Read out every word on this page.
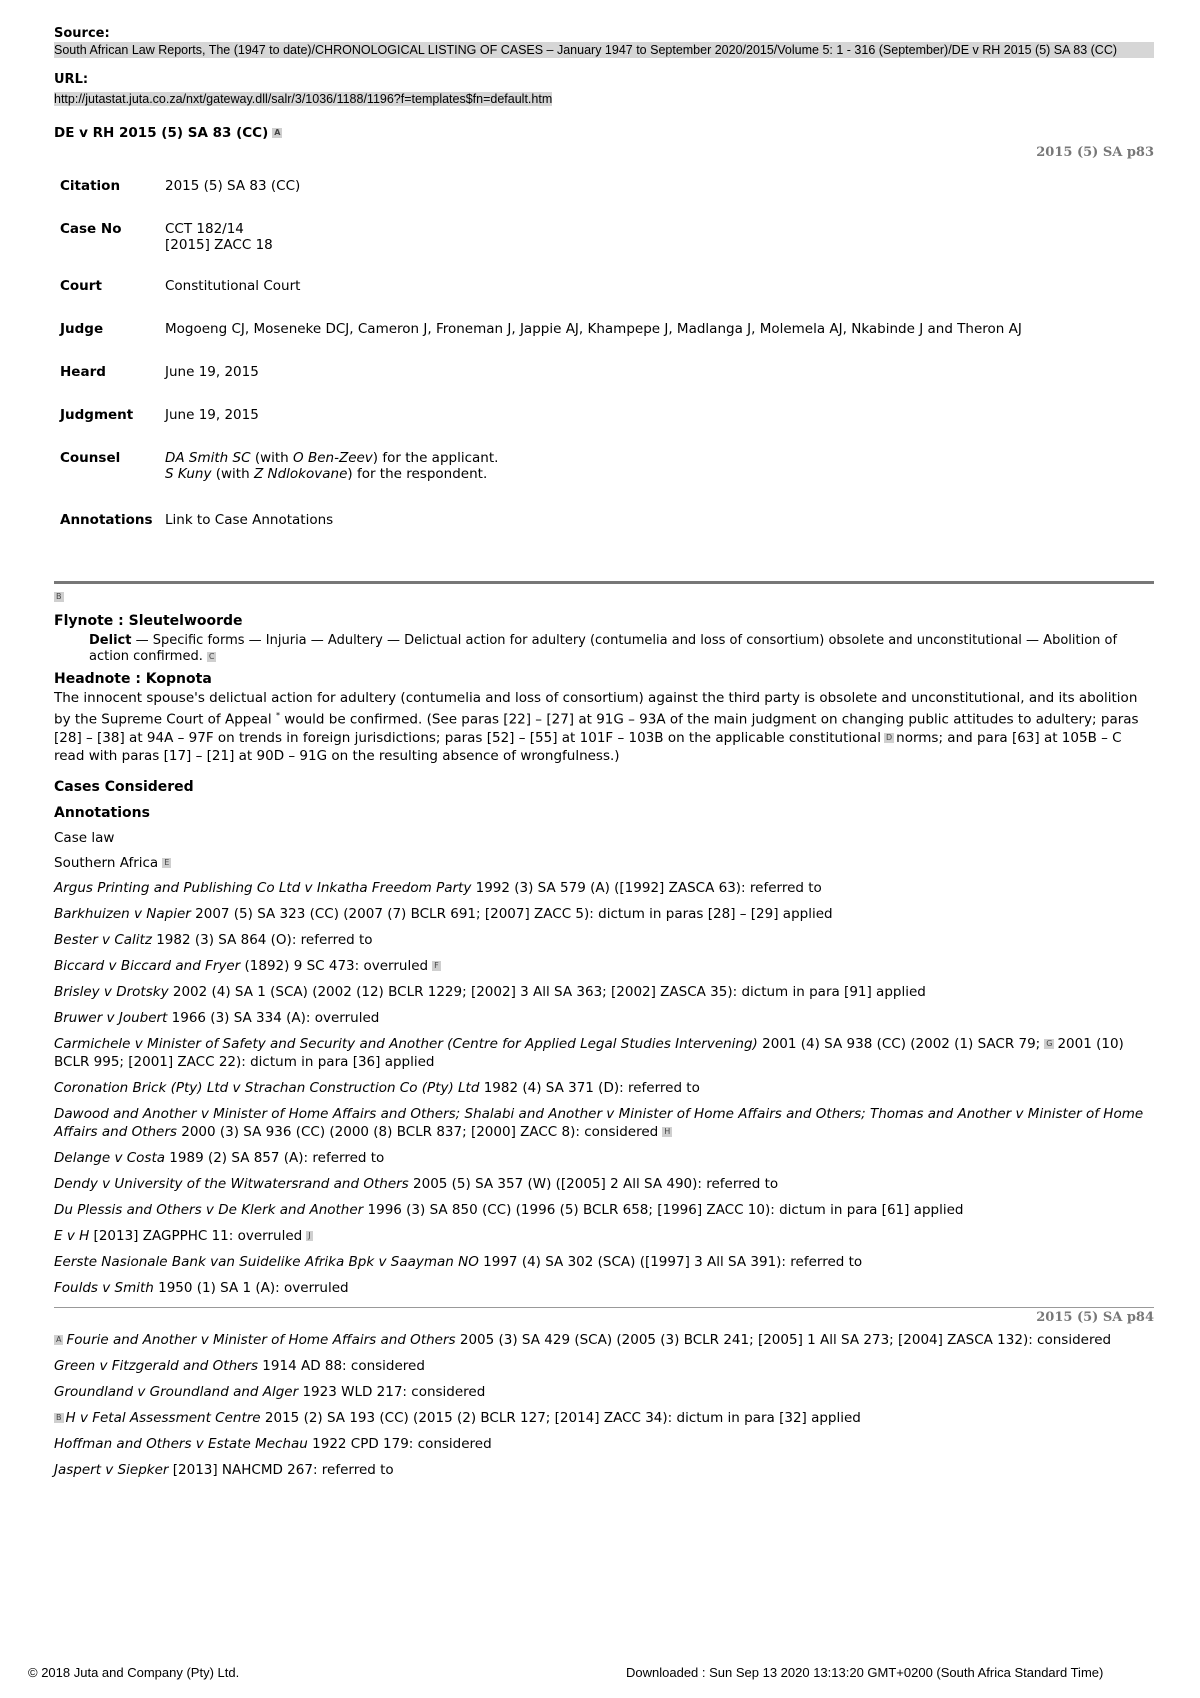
Source:
South African Law Reports, The (1947 to date)/CHRONOLOGICAL LISTING OF CASES – January 1947 to September 2020/2015/Volume 5: 1 - 316 (September)/DE v RH 2015 (5) SA 83 (CC)
URL:
http://jutastat.juta.co.za/nxt/gateway.dll/salr/3/1036/1188/1196?f=templates$fn=default.htm
DE v RH 2015 (5) SA 83 (CC) A
2015 (5) SA p83
Citation	2015 (5) SA 83 (CC)
Case No	CCT 182/14
[2015] ZACC 18

Court	Constitutional Court
Judge	Mogoeng CJ, Moseneke DCJ, Cameron J, Froneman J, Jappie AJ, Khampepe J, Madlanga J, Molemela AJ, Nkabinde J and Theron AJ
Heard	June 19, 2015
Judgment	June 19, 2015
Counsel	DA Smith SC (with O Ben-Zeev) for the applicant.
S Kuny (with Z Ndlokovane) for the respondent.

Annotations	Link to Case Annotations
B
Flynote : Sleutelwoorde
Delict — Specific forms — Injuria — Adultery — Delictual action for adultery (contumelia and loss of consortium) obsolete and unconstitutional — Abolition of action confirmed. C
Headnote : Kopnota
The innocent spouse's delictual action for adultery (contumelia and loss of consortium) against the third party is obsolete and unconstitutional, and its abolition by the Supreme Court of Appeal * would be confirmed. (See paras [22] – [27] at 91G – 93A of the main judgment on changing public attitudes to adultery; paras [28] – [38] at 94A – 97F on trends in foreign jurisdictions; paras [52] – [55] at 101F – 103B on the applicable constitutional D norms; and para [63] at 105B – C read with paras [17] – [21] at 90D – 91G on the resulting absence of wrongfulness.)
Cases Considered
Annotations
Case law
Southern Africa E
Argus Printing and Publishing Co Ltd v Inkatha Freedom Party 1992 (3) SA 579 (A) ([1992] ZASCA 63): referred to
Barkhuizen v Napier 2007 (5) SA 323 (CC) (2007 (7) BCLR 691; [2007] ZACC 5): dictum in paras [28] – [29] applied
Bester v Calitz 1982 (3) SA 864 (O): referred to
Biccard v Biccard and Fryer (1892) 9 SC 473: overruled F
Brisley v Drotsky 2002 (4) SA 1 (SCA) (2002 (12) BCLR 1229; [2002] 3 All SA 363; [2002] ZASCA 35): dictum in para [91] applied
Bruwer v Joubert 1966 (3) SA 334 (A): overruled
Carmichele v Minister of Safety and Security and Another (Centre for Applied Legal Studies Intervening) 2001 (4) SA 938 (CC) (2002 (1) SACR 79; G 2001 (10) BCLR 995; [2001] ZACC 22): dictum in para [36] applied
Coronation Brick (Pty) Ltd v Strachan Construction Co (Pty) Ltd 1982 (4) SA 371 (D): referred to
Dawood and Another v Minister of Home Affairs and Others; Shalabi and Another v Minister of Home Affairs and Others; Thomas and Another v Minister of Home Affairs and Others 2000 (3) SA 936 (CC) (2000 (8) BCLR 837; [2000] ZACC 8): considered H
Delange v Costa 1989 (2) SA 857 (A): referred to
Dendy v University of the Witwatersrand and Others 2005 (5) SA 357 (W) ([2005] 2 All SA 490): referred to
Du Plessis and Others v De Klerk and Another 1996 (3) SA 850 (CC) (1996 (5) BCLR 658; [1996] ZACC 10): dictum in para [61] applied
E v H [2013] ZAGPPHC 11: overruled J
Eerste Nasionale Bank van Suidelike Afrika Bpk v Saayman NO 1997 (4) SA 302 (SCA) ([1997] 3 All SA 391): referred to
Foulds v Smith 1950 (1) SA 1 (A): overruled
2015 (5) SA p84
A Fourie and Another v Minister of Home Affairs and Others 2005 (3) SA 429 (SCA) (2005 (3) BCLR 241; [2005] 1 All SA 273; [2004] ZASCA 132): considered
Green v Fitzgerald and Others 1914 AD 88: considered
Groundland v Groundland and Alger 1923 WLD 217: considered
B H v Fetal Assessment Centre 2015 (2) SA 193 (CC) (2015 (2) BCLR 127; [2014] ZACC 34): dictum in para [32] applied
Hoffman and Others v Estate Mechau 1922 CPD 179: considered
Jaspert v Siepker [2013] NAHCMD 267: referred to
© 2018 Juta and Company (Pty) Ltd.	Downloaded : Sun Sep 13 2020 13:13:20 GMT+0200 (South Africa Standard Time)
